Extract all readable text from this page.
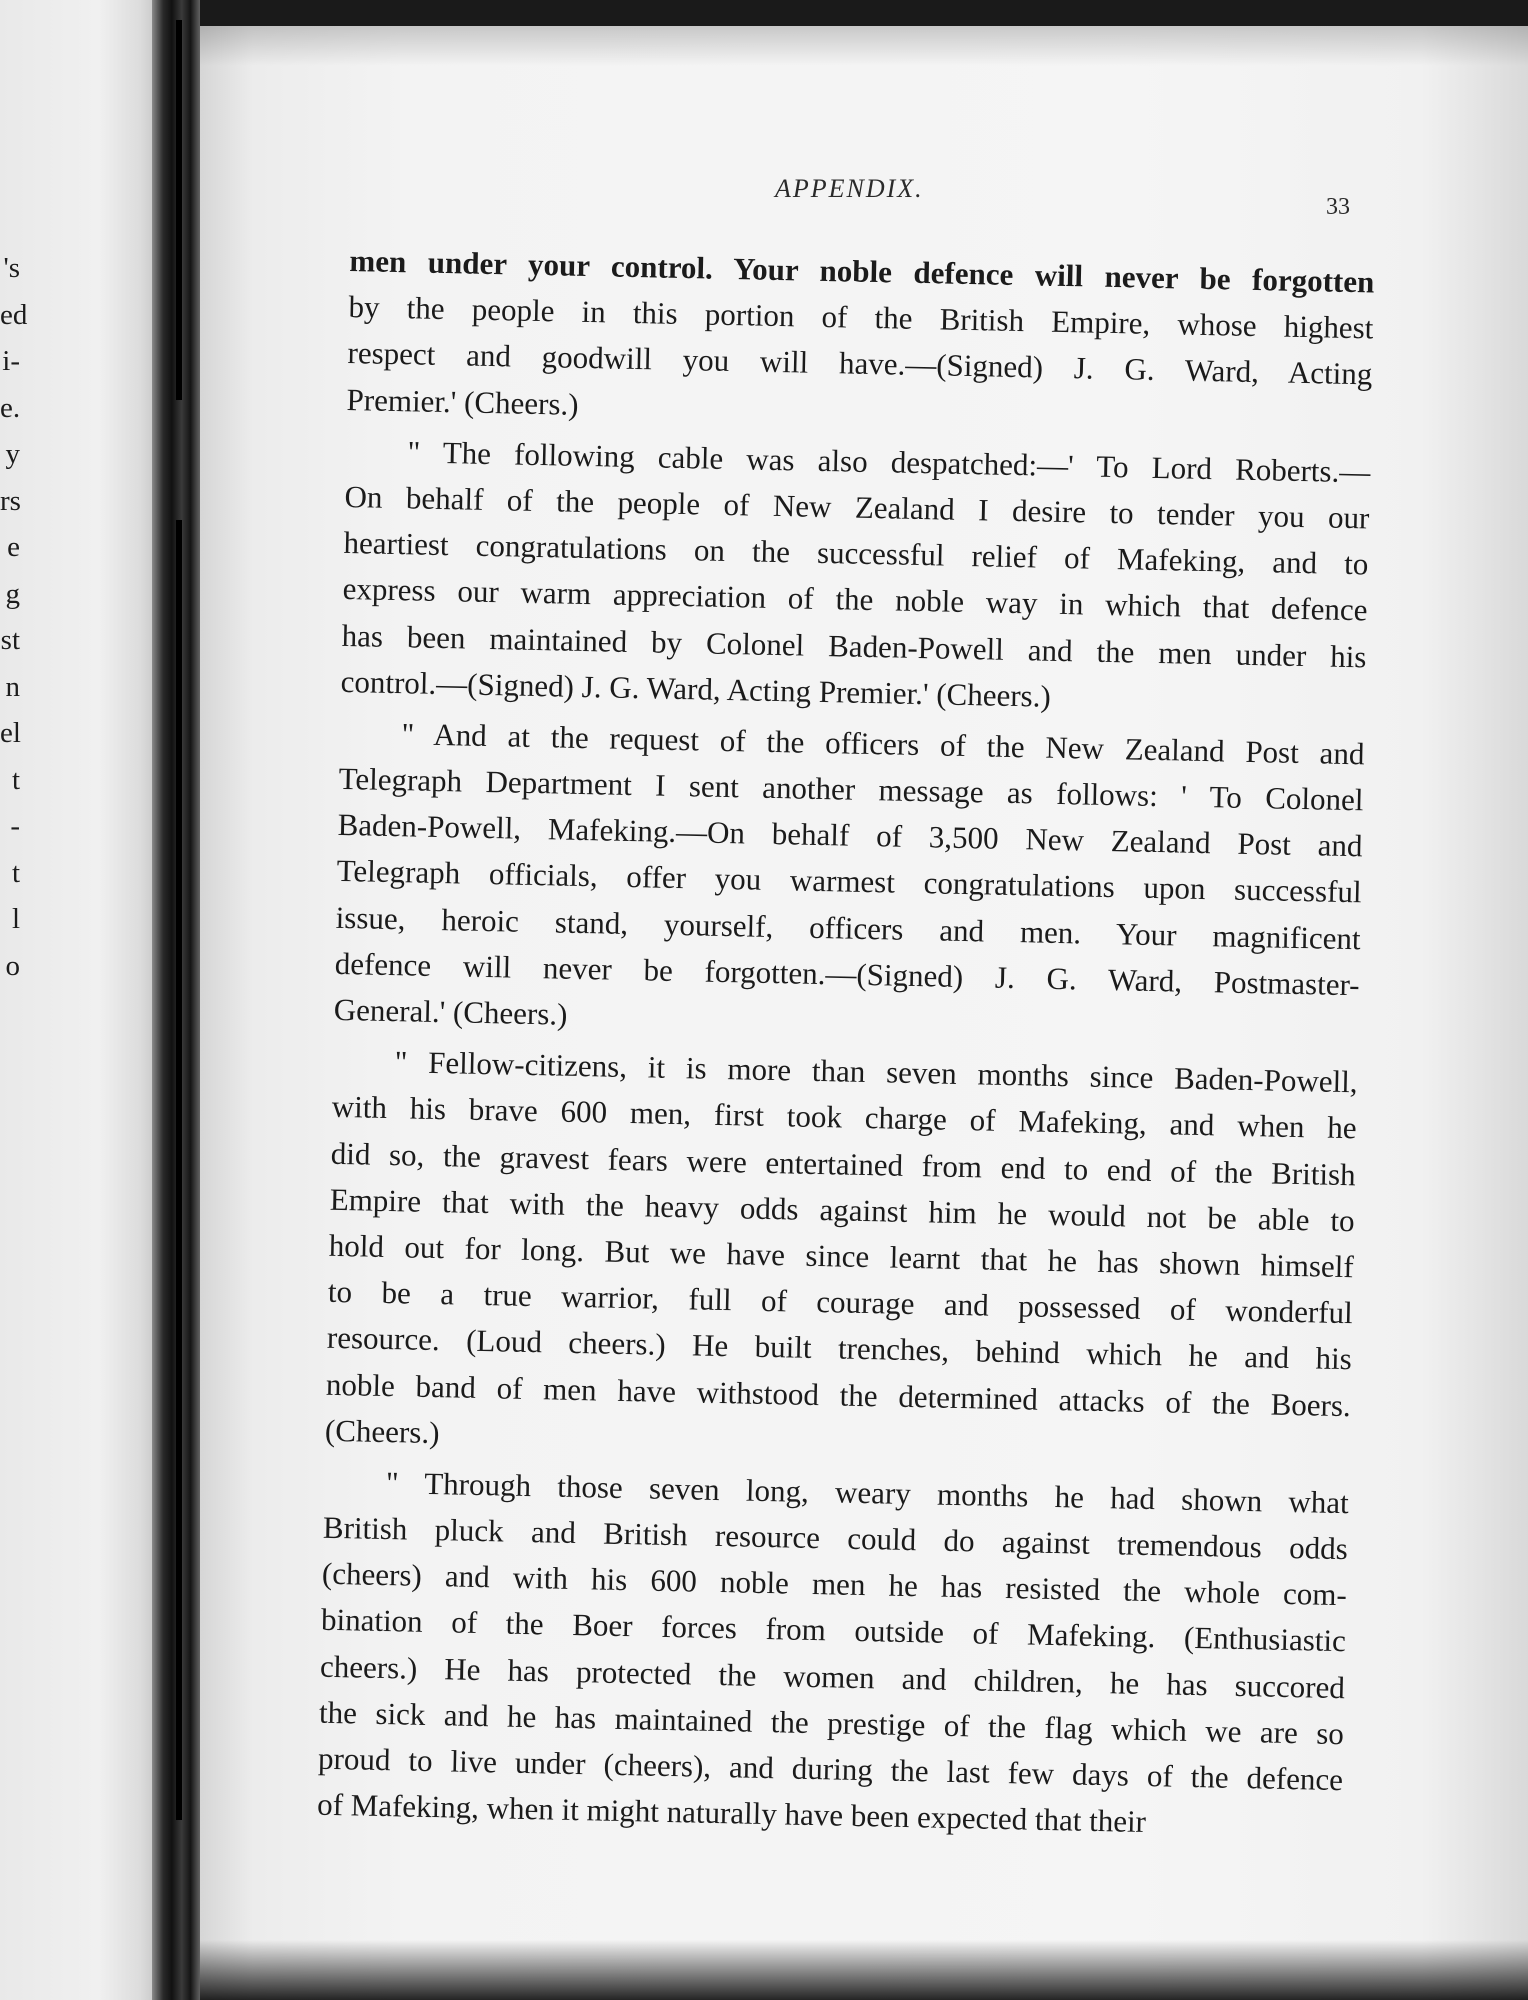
's
ed
i-
e.
y
rs
e
g
st
n
el
t
-
t
l
o
APPENDIX.
33
men under your control. Your noble defence will never be forgotten
by the people in this portion of the British Empire, whose highest
respect and goodwill you will have.—(Signed) J. G. Ward, Acting
Premier.' (Cheers.)
" The following cable was also despatched:—' To Lord Roberts.—
On behalf of the people of New Zealand I desire to tender you our
heartiest congratulations on the successful relief of Mafeking, and to
express our warm appreciation of the noble way in which that defence
has been maintained by Colonel Baden-Powell and the men under his
control.—(Signed) J. G. Ward, Acting Premier.' (Cheers.)
" And at the request of the officers of the New Zealand Post and
Telegraph Department I sent another message as follows: ' To Colonel
Baden-Powell, Mafeking.—On behalf of 3,500 New Zealand Post and
Telegraph officials, offer you warmest congratulations upon successful
issue, heroic stand, yourself, officers and men. Your magnificent
defence will never be forgotten.—(Signed) J. G. Ward, Postmaster-
General.' (Cheers.)
" Fellow-citizens, it is more than seven months since Baden-Powell,
with his brave 600 men, first took charge of Mafeking, and when he
did so, the gravest fears were entertained from end to end of the British
Empire that with the heavy odds against him he would not be able to
hold out for long. But we have since learnt that he has shown himself
to be a true warrior, full of courage and possessed of wonderful
resource. (Loud cheers.) He built trenches, behind which he and his
noble band of men have withstood the determined attacks of the Boers.
(Cheers.)
" Through those seven long, weary months he had shown what
British pluck and British resource could do against tremendous odds
(cheers) and with his 600 noble men he has resisted the whole com-
bination of the Boer forces from outside of Mafeking. (Enthusiastic
cheers.) He has protected the women and children, he has succored
the sick and he has maintained the prestige of the flag which we are so
proud to live under (cheers), and during the last few days of the defence
of Mafeking, when it might naturally have been expected that their
